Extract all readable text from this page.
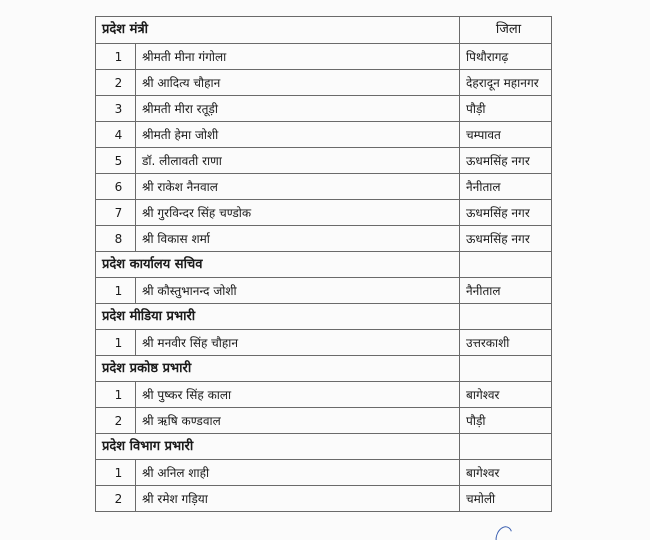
प्रदेश मंत्री		जिला
1	श्रीमती मीना गंगोला	पिथौरागढ़
2	श्री आदित्य चौहान	देहरादून महानगर
3	श्रीमती मीरा रतूड़ी	पौड़ी
4	श्रीमती हेमा जोशी	चम्पावत
5	डॉ. लीलावती राणा	ऊधमसिंह नगर
6	श्री राकेश नैनवाल	नैनीताल
7	श्री गुरविन्दर सिंह चण्डोक	ऊधमसिंह नगर
8	श्री विकास शर्मा	ऊधमसिंह नगर
प्रदेश कार्यालय सचिव		
1	श्री कौस्तुभानन्द जोशी	नैनीताल
प्रदेश मीडिया प्रभारी		
1	श्री मनवीर सिंह चौहान	उत्तरकाशी
प्रदेश प्रकोष्ठ प्रभारी		
1	श्री पुष्कर सिंह काला	बागेश्वर
2	श्री ऋषि कण्डवाल	पौड़ी
प्रदेश विभाग प्रभारी		
1	श्री अनिल शाही	बागेश्वर
2	श्री रमेश गड़िया	चमोली
